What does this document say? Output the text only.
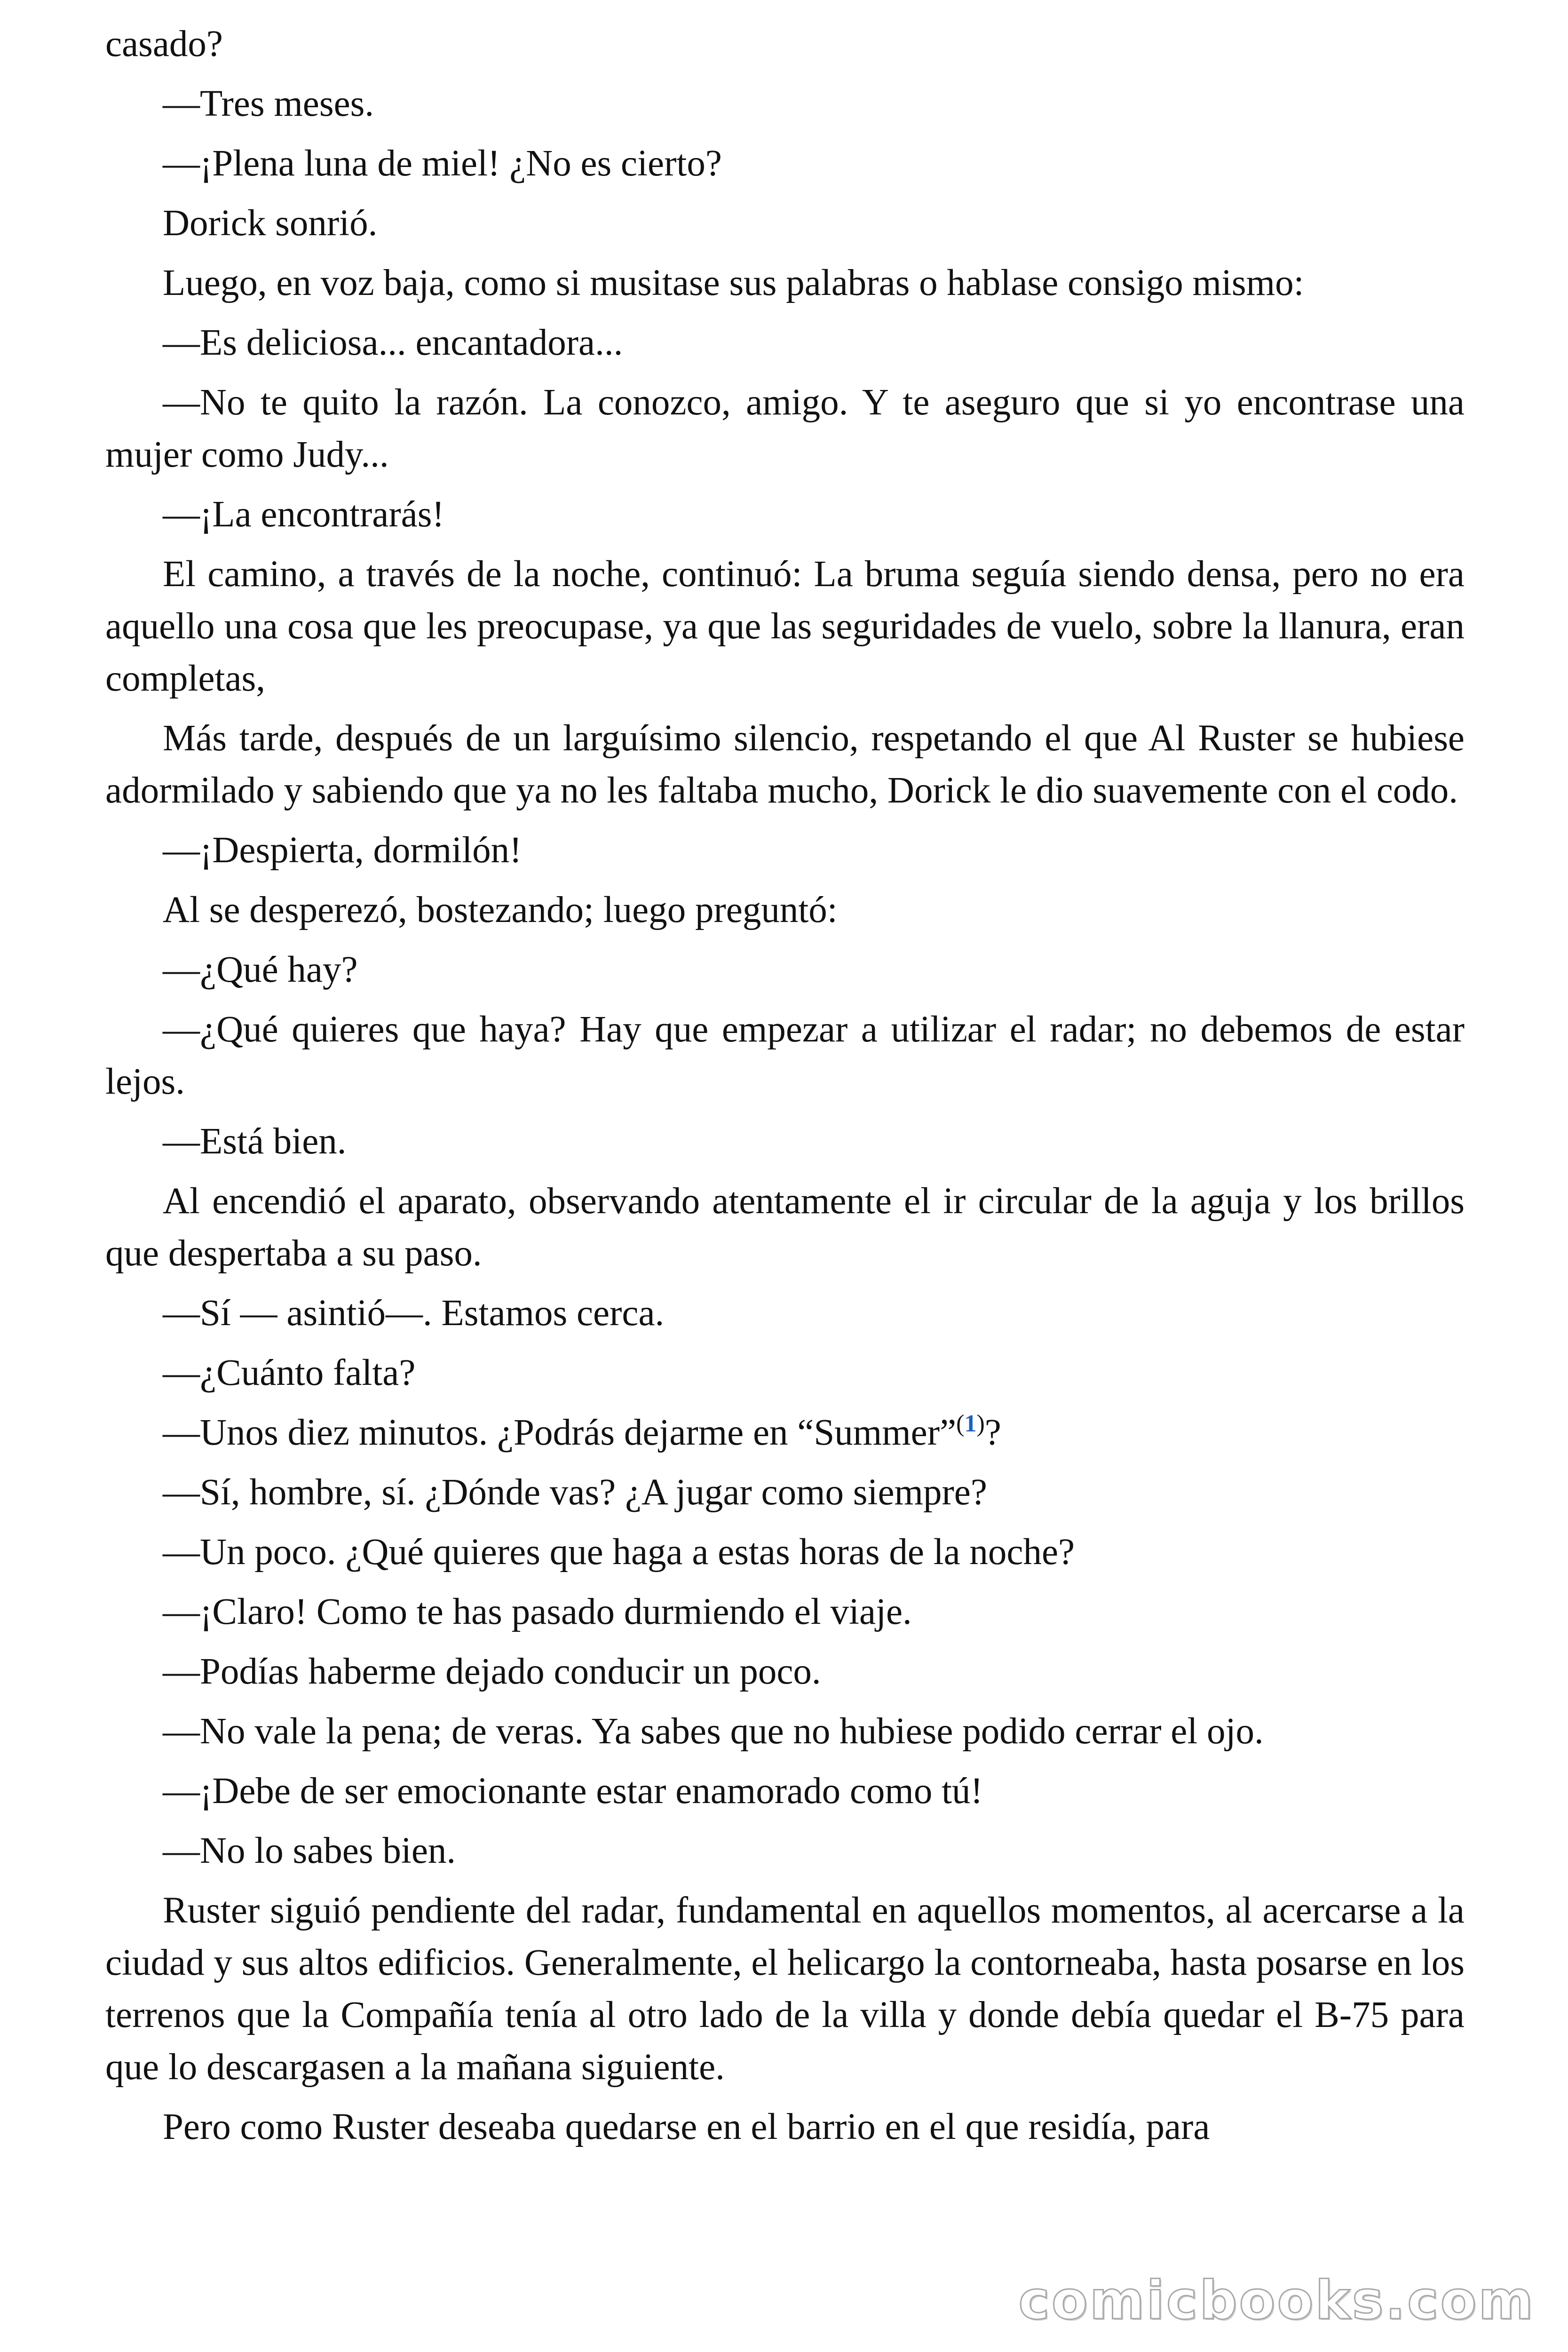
casado?

—Tres meses.

—¡Plena luna de miel! ¿No es cierto?

Dorick sonrió.

Luego, en voz baja, como si musitase sus palabras o hablase consigo mismo:

—Es deliciosa... encantadora...

—No te quito la razón. La conozco, amigo. Y te aseguro que si yo encontrase una mujer como Judy...

—¡La encontrarás!

El camino, a través de la noche, continuó: La bruma seguía siendo densa, pero no era aquello una cosa que les preocupase, ya que las seguridades de vuelo, sobre la llanura, eran completas,

Más tarde, después de un larguísimo silencio, respetando el que Al Ruster se hubiese adormilado y sabiendo que ya no les faltaba mucho, Dorick le dio suavemente con el codo.

—¡Despierta, dormilón!

Al se desperezó, bostezando; luego preguntó:

—¿Qué hay?

—¿Qué quieres que haya? Hay que empezar a utilizar el radar; no debemos de estar lejos.

—Está bien.

Al encendió el aparato, observando atentamente el ir circular de la aguja y los brillos que despertaba a su paso.

—Sí — asintió—. Estamos cerca.

—¿Cuánto falta?

—Unos diez minutos. ¿Podrás dejarme en “Summer”$^{(1)}$?

—Sí, hombre, sí. ¿Dónde vas? ¿A jugar como siempre?

—Un poco. ¿Qué quieres que haga a estas horas de la noche?

—¡Claro! Como te has pasado durmiendo el viaje.

—Podías haberme dejado conducir un poco.

—No vale la pena; de veras. Ya sabes que no hubiese podido cerrar el ojo.

—¡Debe de ser emocionante estar enamorado como tú!

—No lo sabes bien.

Ruster siguió pendiente del radar, fundamental en aquellos momentos, al acercarse a la ciudad y sus altos edificios. Generalmente, el helicargo la contorneaba, hasta posarse en los terrenos que la Compañía tenía al otro lado de la villa y donde debía quedar el B-75 para que lo descargasen a la mañana siguiente.

Pero como Ruster deseaba quedarse en el barrio en el que residía, para

comicbooks.com
